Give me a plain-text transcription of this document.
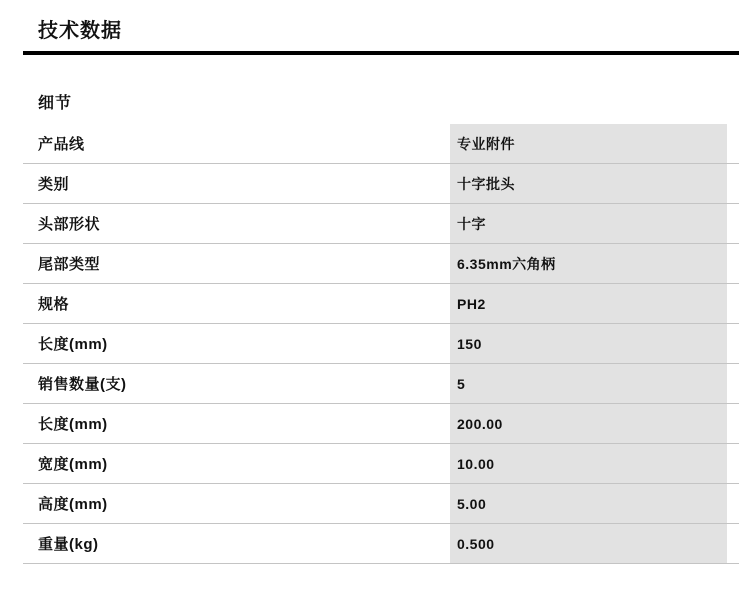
技术数据
细节
产品线	专业附件
类别	十字批头
头部形状	十字
尾部类型	6.35mm六角柄
规格	PH2
长度(mm)	150
销售数量(支)	5
长度(mm)	200.00
宽度(mm)	10.00
高度(mm)	5.00
重量(kg)	0.500
